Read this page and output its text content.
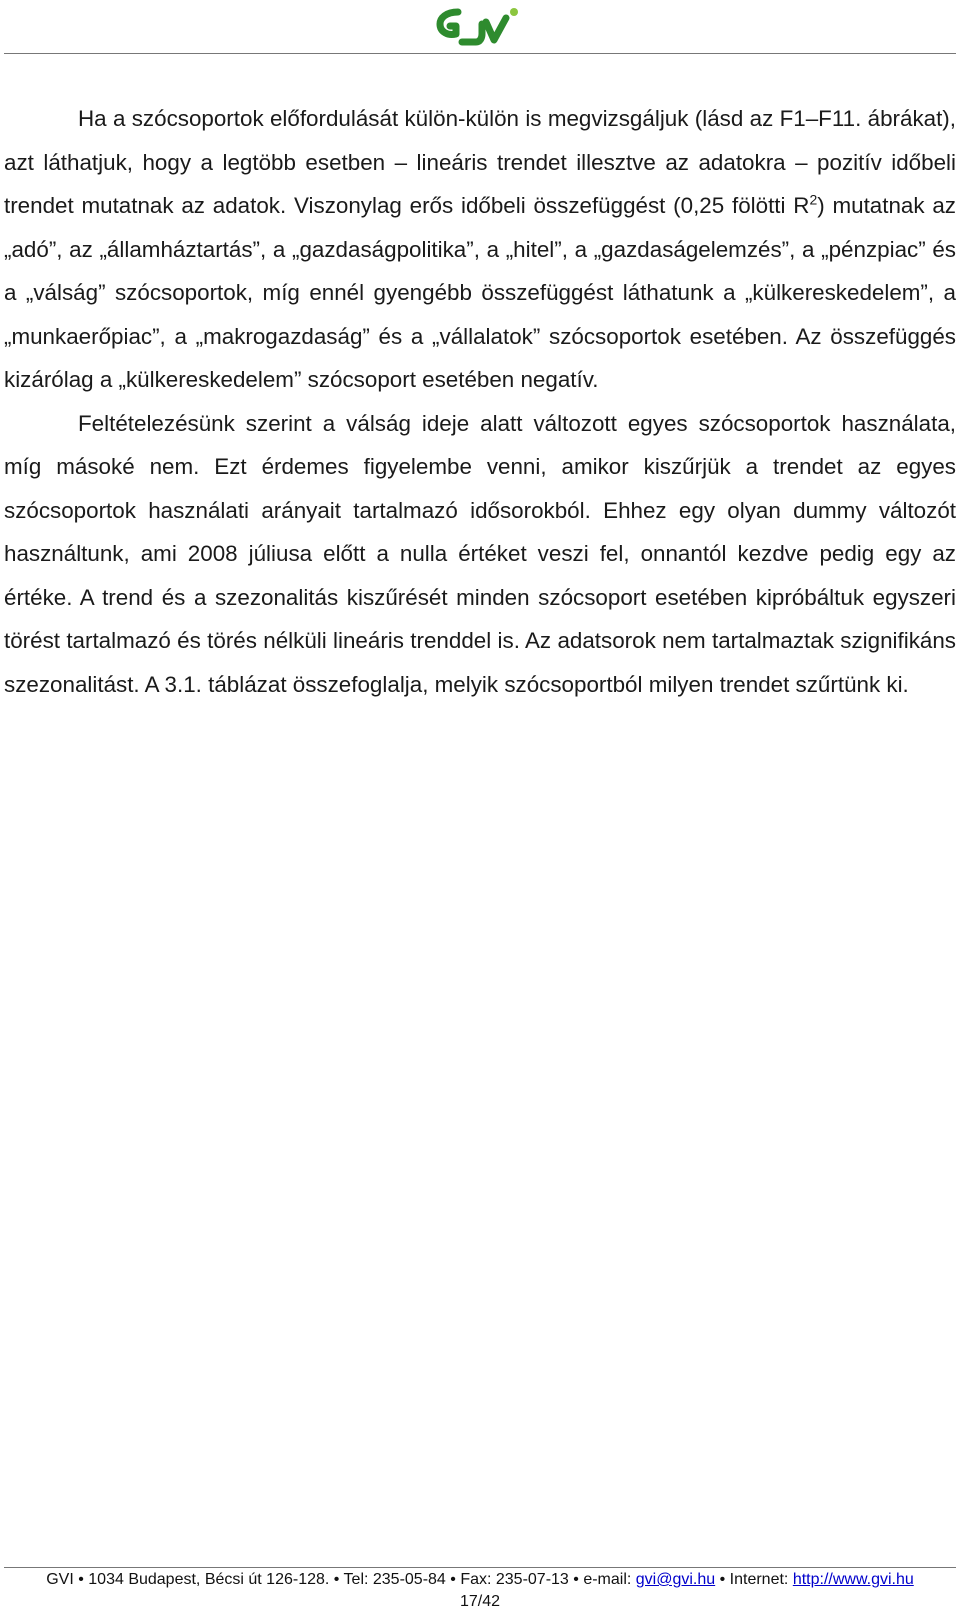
Ha a szócsoportok előfordulását külön-külön is megvizsgáljuk (lásd az F1–F11. ábrákat), azt láthatjuk, hogy a legtöbb esetben – lineáris trendet illesztve az adatokra – pozitív időbeli trendet mutatnak az adatok. Viszonylag erős időbeli összefüggést (0,25 fölötti $R^2$) mutatnak az „adó”, az „államháztartás”, a „gazdaságpolitika”, a „hitel”, a „gazdaságelemzés”, a „pénzpiac” és a „válság” szócsoportok, míg ennél gyengébb összefüggést láthatunk a „külkereskedelem”, a „munkaerőpiac”, a „makrogazdaság” és a „vállalatok” szócsoportok esetében. Az összefüggés kizárólag a „külkereskedelem” szócsoport esetében negatív.

Feltételezésünk szerint a válság ideje alatt változott egyes szócsoportok használata, míg másoké nem. Ezt érdemes figyelembe venni, amikor kiszűrjük a trendet az egyes szócsoportok használati arányait tartalmazó idősorokból. Ehhez egy olyan dummy változót használtunk, ami 2008 júliusa előtt a nulla értéket veszi fel, onnantól kezdve pedig egy az értéke. A trend és a szezonalitás kiszűrését minden szócsoport esetében kipróbáltuk egyszeri törést tartalmazó és törés nélküli lineáris trenddel is. Az adatsorok nem tartalmaztak szignifikáns szezonalitást. A 3.1. táblázat összefoglalja, melyik szócsoportból milyen trendet szűrtünk ki.

GVI • 1034 Budapest, Bécsi út 126-128. • Tel: 235-05-84 • Fax: 235-07-13 • e-mail: gvi@gvi.hu • Internet: http://www.gvi.hu
17/42
